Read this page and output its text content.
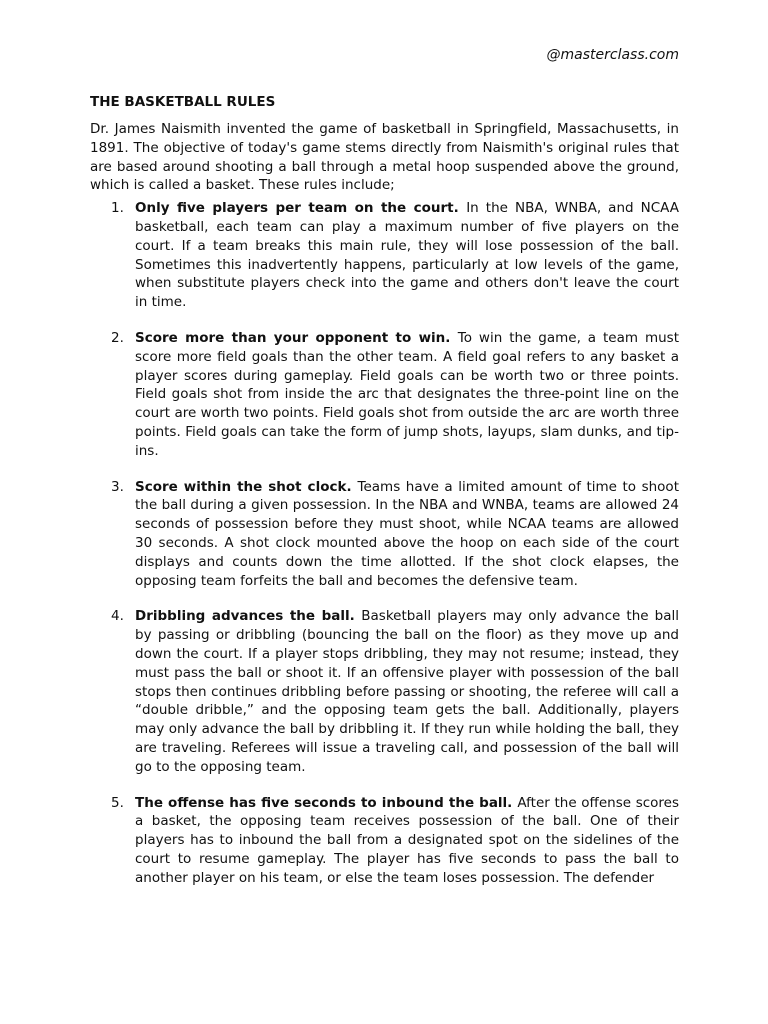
@masterclass.com
THE BASKETBALL RULES

Dr. James Naismith invented the game of basketball in Springfield, Massachusetts, in 1891. The objective of today's game stems directly from Naismith's original rules that are based around shooting a ball through a metal hoop suspended above the ground, which is called a basket. These rules include;

1. Only five players per team on the court. In the NBA, WNBA, and NCAA basketball, each team can play a maximum number of five players on the court. If a team breaks this main rule, they will lose possession of the ball. Sometimes this inadvertently happens, particularly at low levels of the game, when substitute players check into the game and others don't leave the court in time.
2. Score more than your opponent to win. To win the game, a team must score more field goals than the other team. A field goal refers to any basket a player scores during gameplay. Field goals can be worth two or three points. Field goals shot from inside the arc that designates the three-point line on the court are worth two points. Field goals shot from outside the arc are worth three points. Field goals can take the form of jump shots, layups, slam dunks, and tip-ins.
3. Score within the shot clock. Teams have a limited amount of time to shoot the ball during a given possession. In the NBA and WNBA, teams are allowed 24 seconds of possession before they must shoot, while NCAA teams are allowed 30 seconds. A shot clock mounted above the hoop on each side of the court displays and counts down the time allotted. If the shot clock elapses, the opposing team forfeits the ball and becomes the defensive team.
4. Dribbling advances the ball. Basketball players may only advance the ball by passing or dribbling (bouncing the ball on the floor) as they move up and down the court. If a player stops dribbling, they may not resume; instead, they must pass the ball or shoot it. If an offensive player with possession of the ball stops then continues dribbling before passing or shooting, the referee will call a “double dribble,” and the opposing team gets the ball. Additionally, players may only advance the ball by dribbling it. If they run while holding the ball, they are traveling. Referees will issue a traveling call, and possession of the ball will go to the opposing team.
5. The offense has five seconds to inbound the ball. After the offense scores a basket, the opposing team receives possession of the ball. One of their players has to inbound the ball from a designated spot on the sidelines of the court to resume gameplay. The player has five seconds to pass the ball to another player on his team, or else the team loses possession. The defender
